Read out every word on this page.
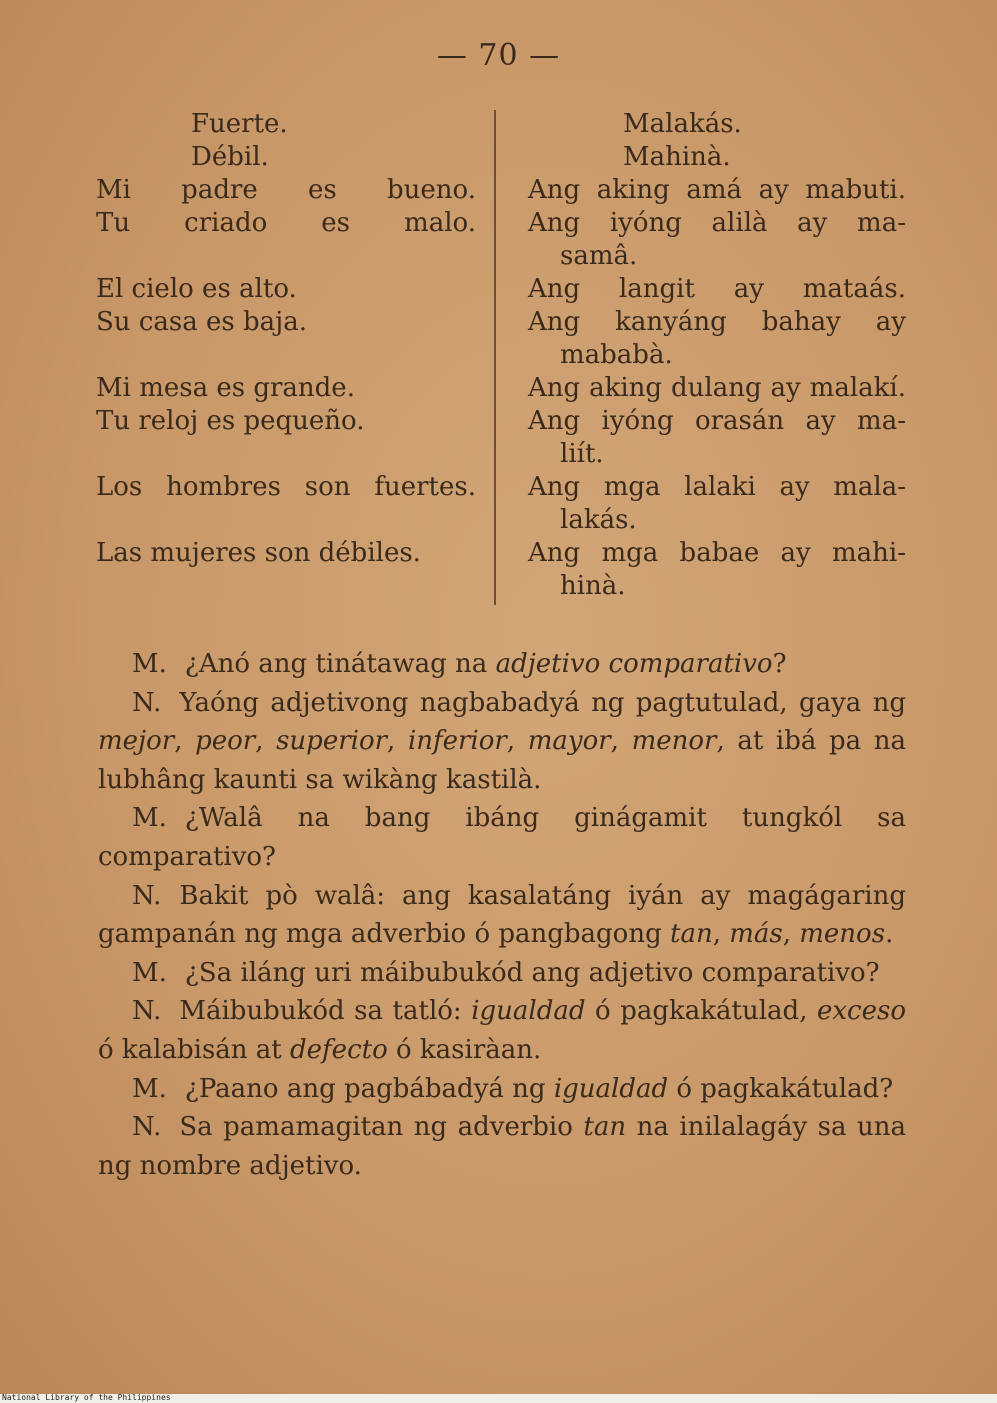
— 70 —
Fuerte.
Débil.
Mi padre es bueno.
Tu criado es malo.
El cielo es alto.
Su casa es baja.
Mi mesa es grande.
Tu reloj es pequeño.
Los hombres son fuertes.
Las mujeres son débiles.
Malakás.
Mahinà.
Ang aking amá ay mabuti.
Ang iyóng alilà ay ma-
samâ.
Ang langit ay mataás.
Ang kanyáng bahay ay
mababà.
Ang aking dulang ay malakí.
Ang iyóng orasán ay ma-
liít.
Ang mga lalaki ay mala-
lakás.
Ang mga babae ay mahi-
hinà.

M. ¿Anó ang tinátawag na adjetivo comparativo?

N. Yaóng adjetivong nagbabadyá ng pagtutulad, gaya ng mejor, peor, superior, inferior, mayor, menor, at ibá pa na lubhâng kaunti sa wikàng kastilà.

M. ¿Walâ na bang ibáng ginágamit tungkól sa comparativo?

N. Bakit pò walâ: ang kasalatáng iyán ay magágaring gampanán ng mga adverbio ó pangbagong tan, más, menos.

M. ¿Sa iláng uri máibubukód ang adjetivo comparativo?

N. Máibubukód sa tatló: igualdad ó pagkakátulad, exceso ó kalabisán at defecto ó kasiràan.

M. ¿Paano ang pagbábadyá ng igualdad ó pagkakátulad?

N. Sa pamamagitan ng adverbio tan na inilalagáy sa una ng nombre adjetivo.

National Library of the Philippines
